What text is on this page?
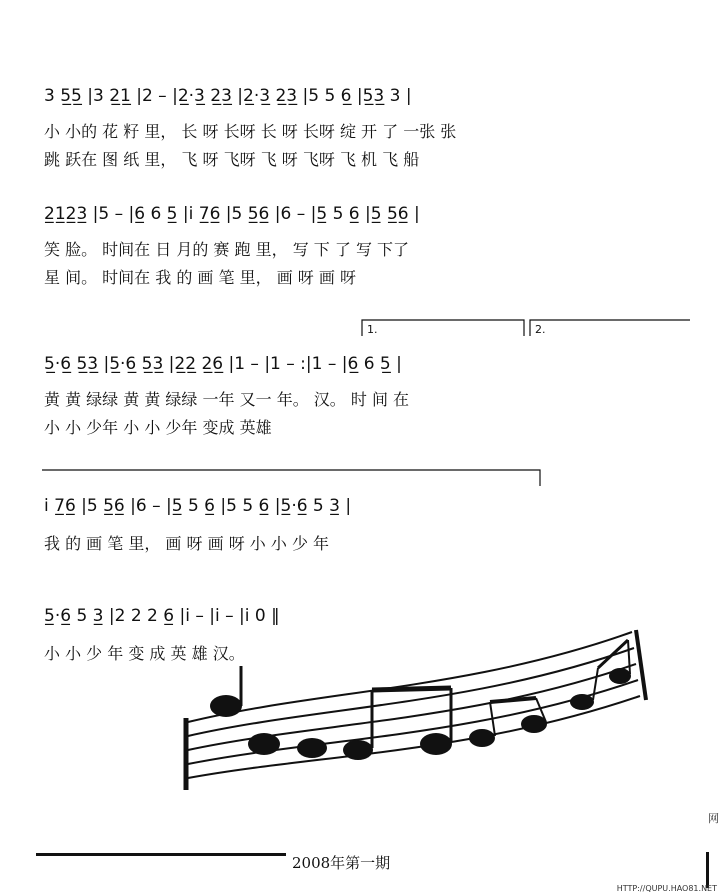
3 5̲5̲ |3 2̲1̲ |2 – |2̲·3̲ 2̲3̲ |2̲·3̲ 2̲3̲ |5 5 6̲ |5̲3̲ 3 |
小 小的 花 籽 里， 长 呀 长呀 长 呀 长呀 绽 开 了 一张 张
跳 跃在 图 纸 里， 飞 呀 飞呀 飞 呀 飞呀 飞 机 飞 船
2̲1̲2̲3̲ |5 – |6̲ 6 5̲ |i̇ 7̲6̲ |5 5̲6̲ |6 – |5̲ 5 6̲ |5̲ 5̲6̲ |
笑 脸。 时间在 日 月的 赛 跑 里， 写 下 了 写 下了
星 间。 时间在 我 的 画 笔 里， 画 呀 画 呀
1.	2.
5̲·6̲ 5̲3̲ |5̲·6̲ 5̲3̲ |2̲2̲ 2̲6̲ |1 – |1 – :|1 – |6̲ 6 5̲ |
黄 黄 绿绿 黄 黄 绿绿 一年 又一 年。 汉。 时 间 在
小 小 少年 小 小 少年 变成 英雄
i̇ 7̲6̲ |5 5̲6̲ |6 – |5̲ 5 6̲ |5 5 6̲ |5̲·6̲ 5 3̲ |
我 的 画 笔 里， 画 呀 画 呀 小 小 少 年
5̲·6̲ 5 3̲ |2 2 2 6̲ |i̇ – |i̇ – |i̇ 0 ‖
小 小 少 年 变 成 英 雄 汉。
2008年第一期
网
HTTP://QUPU.HAO81.NET
